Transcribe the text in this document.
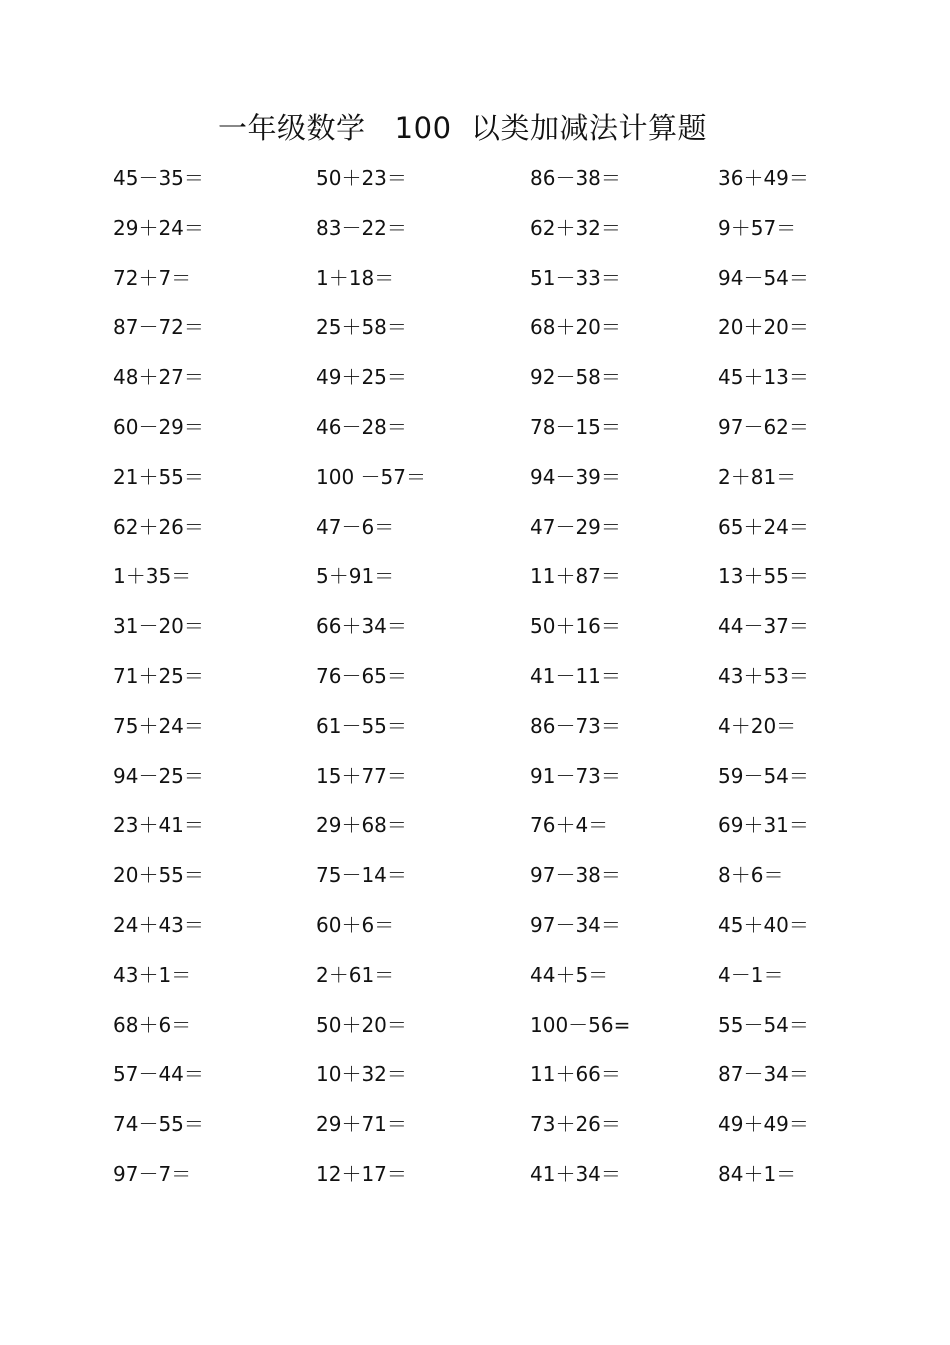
一年级数学   100  以类加减法计算题
45－35＝	50＋23＝	86－38＝	36＋49＝
29＋24＝	83－22＝	62＋32＝	9＋57＝
72＋7＝	1＋18＝	51－33＝	94－54＝
87－72＝	25＋58＝	68＋20＝	20＋20＝
48＋27＝	49＋25＝	92－58＝	45＋13＝
60－29＝	46－28＝	78－15＝	97－62＝
21＋55＝	100 －57＝	94－39＝	2＋81＝
62＋26＝	47－6＝	47－29＝	65＋24＝
1＋35＝	5＋91＝	11＋87＝	13＋55＝
31－20＝	66＋34＝	50＋16＝	44－37＝
71＋25＝	76－65＝	41－11＝	43＋53＝
75＋24＝	61－55＝	86－73＝	4＋20＝
94－25＝	15＋77＝	91－73＝	59－54＝
23＋41＝	29＋68＝	76＋4＝	69＋31＝
20＋55＝	75－14＝	97－38＝	8＋6＝
24＋43＝	60＋6＝	97－34＝	45＋40＝
43＋1＝	2＋61＝	44＋5＝	4－1＝
68＋6＝	50＋20＝	100－56=	55－54＝
57－44＝	10＋32＝	11＋66＝	87－34＝
74－55＝	29＋71＝	73＋26＝	49＋49＝
97－7＝	12＋17＝	41＋34＝	84＋1＝
